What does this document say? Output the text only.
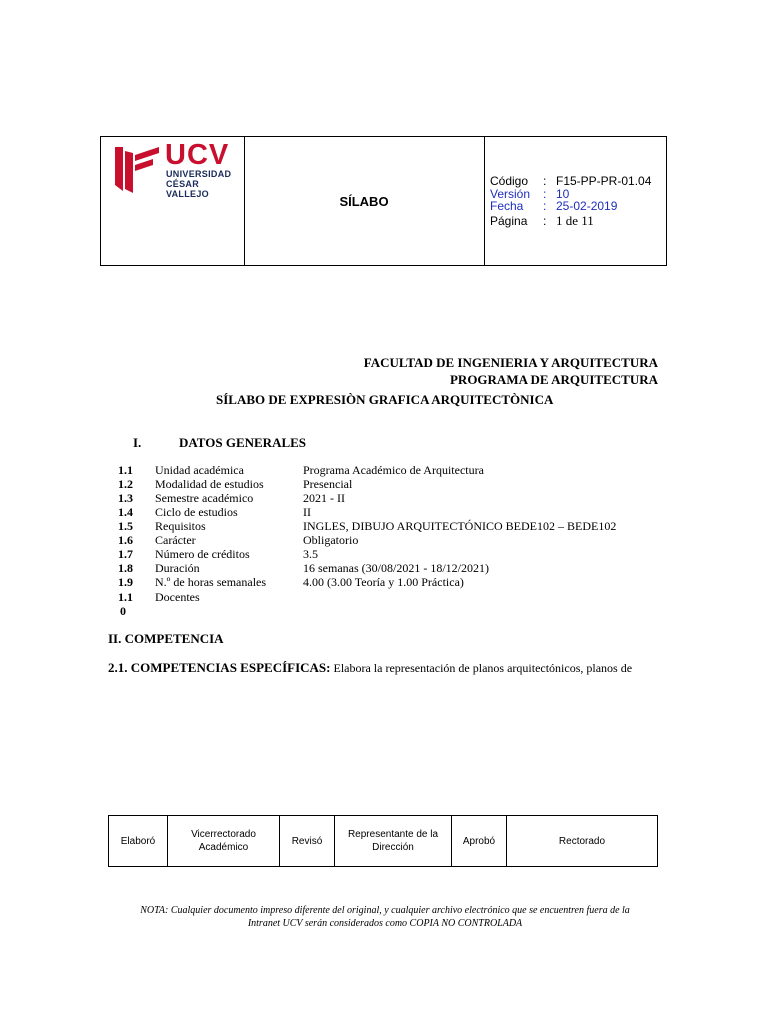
UCV
UNIVERSIDAD
CÉSAR VALLEJO	SÍLABO
Código : F15-PP-PR-01.04
Versión : 10
Fecha : 25-02-2019
Página : 1 de 11
FACULTAD DE INGENIERIA Y ARQUITECTURA
PROGRAMA DE ARQUITECTURA
SÍLABO DE EXPRESIÒN GRAFICA ARQUITECTÒNICA
I.	DATOS GENERALES
1.1 Unidad académica	Programa Académico de Arquitectura
1.2 Modalidad de estudios	Presencial
1.3 Semestre académico	2021 - II
1.4 Ciclo de estudios	II
1.5 Requisitos	INGLES, DIBUJO ARQUITECTÓNICO BEDE102 – BEDE102
1.6 Carácter	Obligatorio
1.7 Número de créditos	3.5
1.8 Duración	16 semanas (30/08/2021 - 18/12/2021)
1.9 N.º de horas semanales	4.00 (3.00 Teoría y 1.00 Práctica)
1.1 Docentes
0
II. COMPETENCIA
2.1. COMPETENCIAS ESPECÍFICAS: Elabora la representación de planos arquitectónicos, planos de
Elaboró	Vicerrectorado Académico	Revisó	Representante de la Dirección	Aprobó	Rectorado
NOTA: Cualquier documento impreso diferente del original, y cualquier archivo electrónico que se encuentren fuera de la
Intranet UCV serán considerados como COPIA NO CONTROLADA
